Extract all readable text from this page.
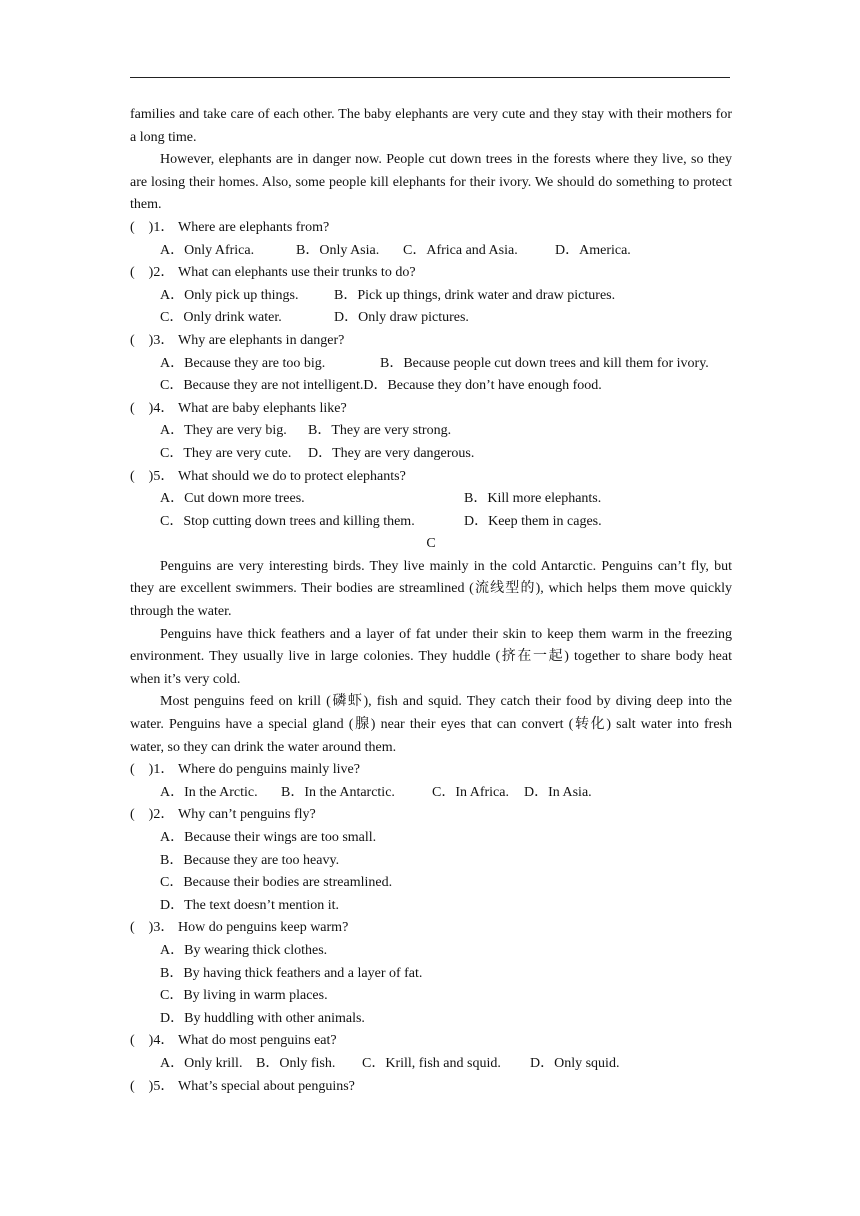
families and take care of each other. The baby elephants are very cute and they stay with their mothers for a long time.

However, elephants are in danger now. People cut down trees in the forests where they live, so they are losing their homes. Also, some people kill elephants for their ivory. We should do something to protect them.

(    )1． Where are elephants from?
A．Only Africa.	B．Only Asia. C．Africa and Asia.	D．America.
(    )2． What can elephants use their trunks to do?
A．Only pick up things.	B．Pick up things, drink water and draw pictures.
C．Only drink water.	D．Only draw pictures.
(    )3． Why are elephants in danger?
A．Because they are too big.	B．Because people cut down trees and kill them for ivory.
C．Because they are not intelligent.D．Because they don’t have enough food.
(    )4． What are baby elephants like?
A．They are very big. B．They are very strong.
C．They are very cute. D．They are very dangerous.
(    )5． What should we do to protect elephants?
A．Cut down more trees.	B．Kill more elephants.
C．Stop cutting down trees and killing them.	D．Keep them in cages.
C

Penguins are very interesting birds. They live mainly in the cold Antarctic. Penguins can’t fly, but they are excellent swimmers. Their bodies are streamlined (流线型的), which helps them move quickly through the water.

Penguins have thick feathers and a layer of fat under their skin to keep them warm in the freezing environment. They usually live in large colonies. They huddle (挤在一起) together to share body heat when it’s very cold.

Most penguins feed on krill (磷虾), fish and squid. They catch their food by diving deep into the water. Penguins have a special gland (腺) near their eyes that can convert (转化) salt water into fresh water, so they can drink the water around them.

(    )1． Where do penguins mainly live?
A．In the Arctic. B．In the Antarctic.	C．In Africa. D．In Asia.
(    )2． Why can’t penguins fly?
A．Because their wings are too small.
B．Because they are too heavy.
C．Because their bodies are streamlined.
D．The text doesn’t mention it.
(    )3． How do penguins keep warm?
A．By wearing thick clothes.
B．By having thick feathers and a layer of fat.
C．By living in warm places.
D．By huddling with other animals.
(    )4． What do most penguins eat?
A．Only krill. B．Only fish. C．Krill, fish and squid. D．Only squid.
(    )5． What’s special about penguins?
